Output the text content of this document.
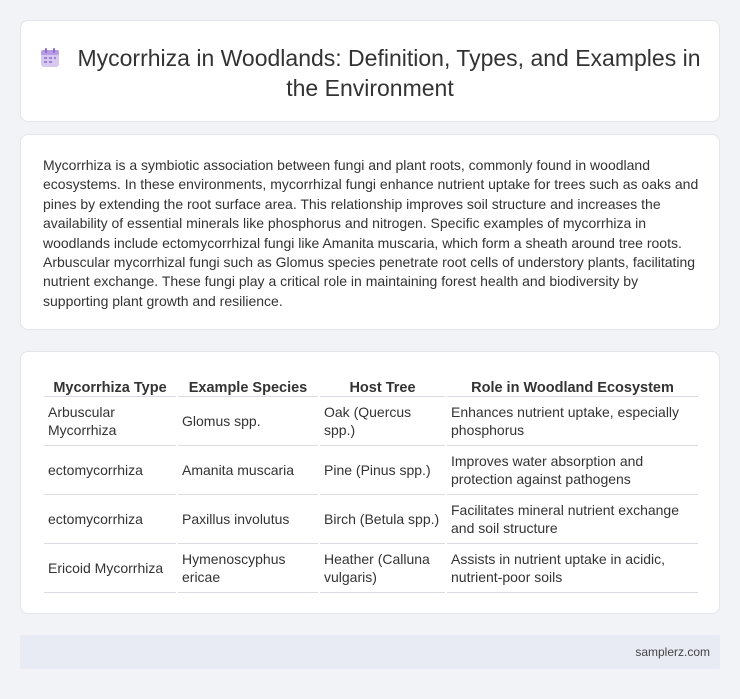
Mycorrhiza in Woodlands: Definition, Types, and Examples in the Environment

Mycorrhiza is a symbiotic association between fungi and plant roots, commonly found in woodland ecosystems. In these environments, mycorrhizal fungi enhance nutrient uptake for trees such as oaks and pines by extending the root surface area. This relationship improves soil structure and increases the availability of essential minerals like phosphorus and nitrogen. Specific examples of mycorrhiza in woodlands include ectomycorrhizal fungi like Amanita muscaria, which form a sheath around tree roots. Arbuscular mycorrhizal fungi such as Glomus species penetrate root cells of understory plants, facilitating nutrient exchange. These fungi play a critical role in maintaining forest health and biodiversity by supporting plant growth and resilience.

Mycorrhiza Type	Example Species	Host Tree	Role in Woodland Ecosystem
Arbuscular Mycorrhiza	Glomus spp.	Oak (Quercus spp.)	Enhances nutrient uptake, especially phosphorus
ectomycorrhiza	Amanita muscaria	Pine (Pinus spp.)	Improves water absorption and protection against pathogens
ectomycorrhiza	Paxillus involutus	Birch (Betula spp.)	Facilitates mineral nutrient exchange and soil structure
Ericoid Mycorrhiza	Hymenoscyphus ericae	Heather (Calluna vulgaris)	Assists in nutrient uptake in acidic, nutrient-poor soils
samplerz.com
